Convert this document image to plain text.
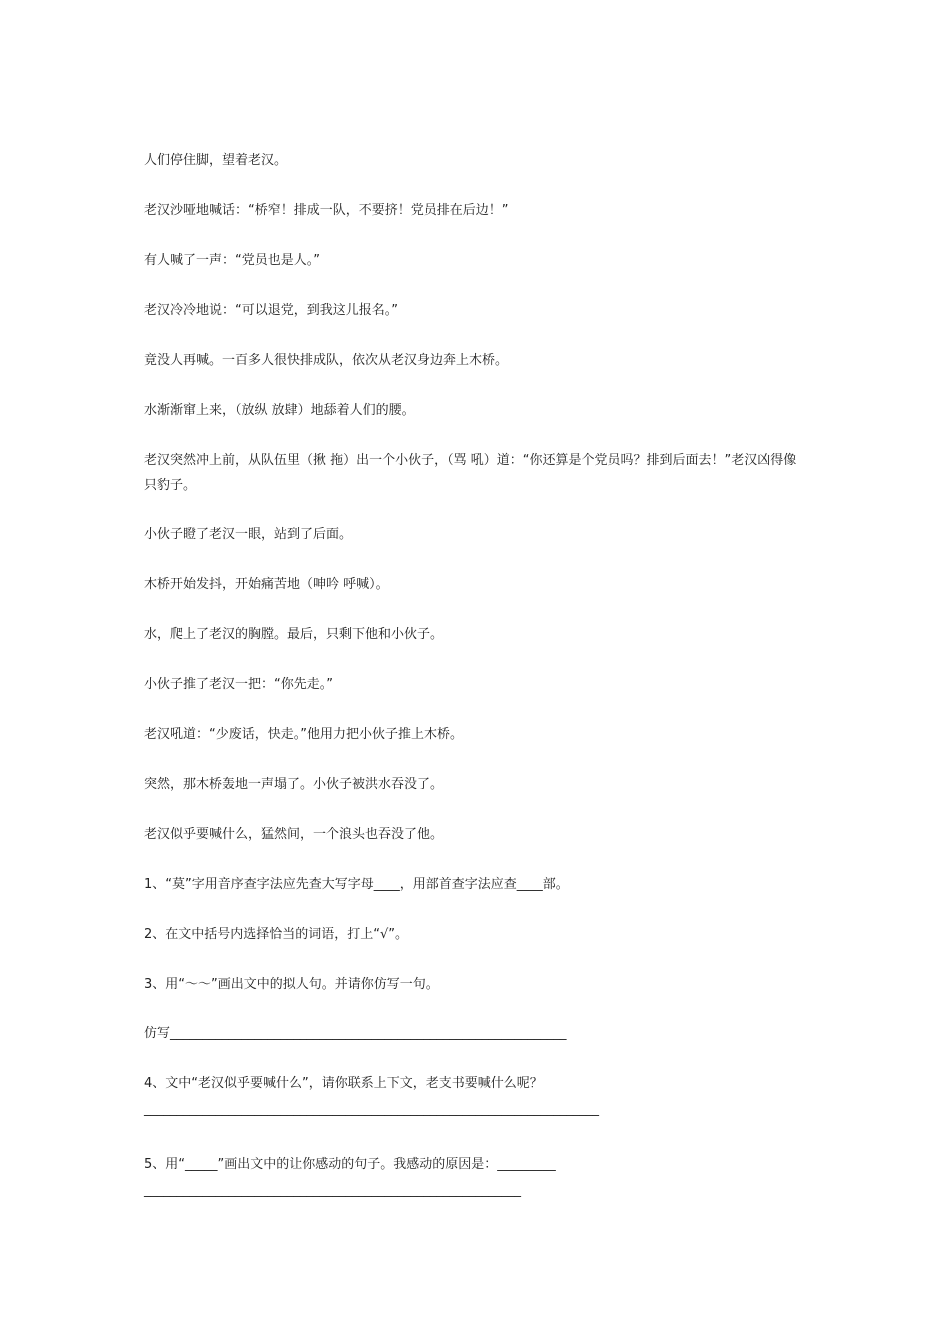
人们停住脚，望着老汉。
老汉沙哑地喊话：“桥窄！排成一队，不要挤！党员排在后边！”
有人喊了一声：“党员也是人。”
老汉冷冷地说：“可以退党，到我这儿报名。”
竟没人再喊。一百多人很快排成队，依次从老汉身边奔上木桥。
水渐渐窜上来，（放纵 放肆）地舔着人们的腰。
老汉突然冲上前，从队伍里（揪 拖）出一个小伙子，（骂 吼）道：“你还算是个党员吗？排到后面去！”老汉凶得像只豹子。
小伙子瞪了老汉一眼，站到了后面。
木桥开始发抖，开始痛苦地（呻吟 呼喊）。
水，爬上了老汉的胸膛。最后，只剩下他和小伙子。
小伙子推了老汉一把：“你先走。”
老汉吼道：“少废话，快走。”他用力把小伙子推上木桥。
突然，那木桥轰地一声塌了。小伙子被洪水吞没了。
老汉似乎要喊什么，猛然间，一个浪头也吞没了他。
1、“莫”字用音序查字法应先查大写字母____，用部首查字法应查____部。
2、在文中括号内选择恰当的词语，打上“√”。
3、用“～～”画出文中的拟人句。并请你仿写一句。
仿写_____________________________________________________________
4、文中“老汉似乎要喊什么”，请你联系上下文，老支书要喊什么呢？
______________________________________________________________________
5、用“_____”画出文中的让你感动的句子。我感动的原因是：_________
__________________________________________________________
